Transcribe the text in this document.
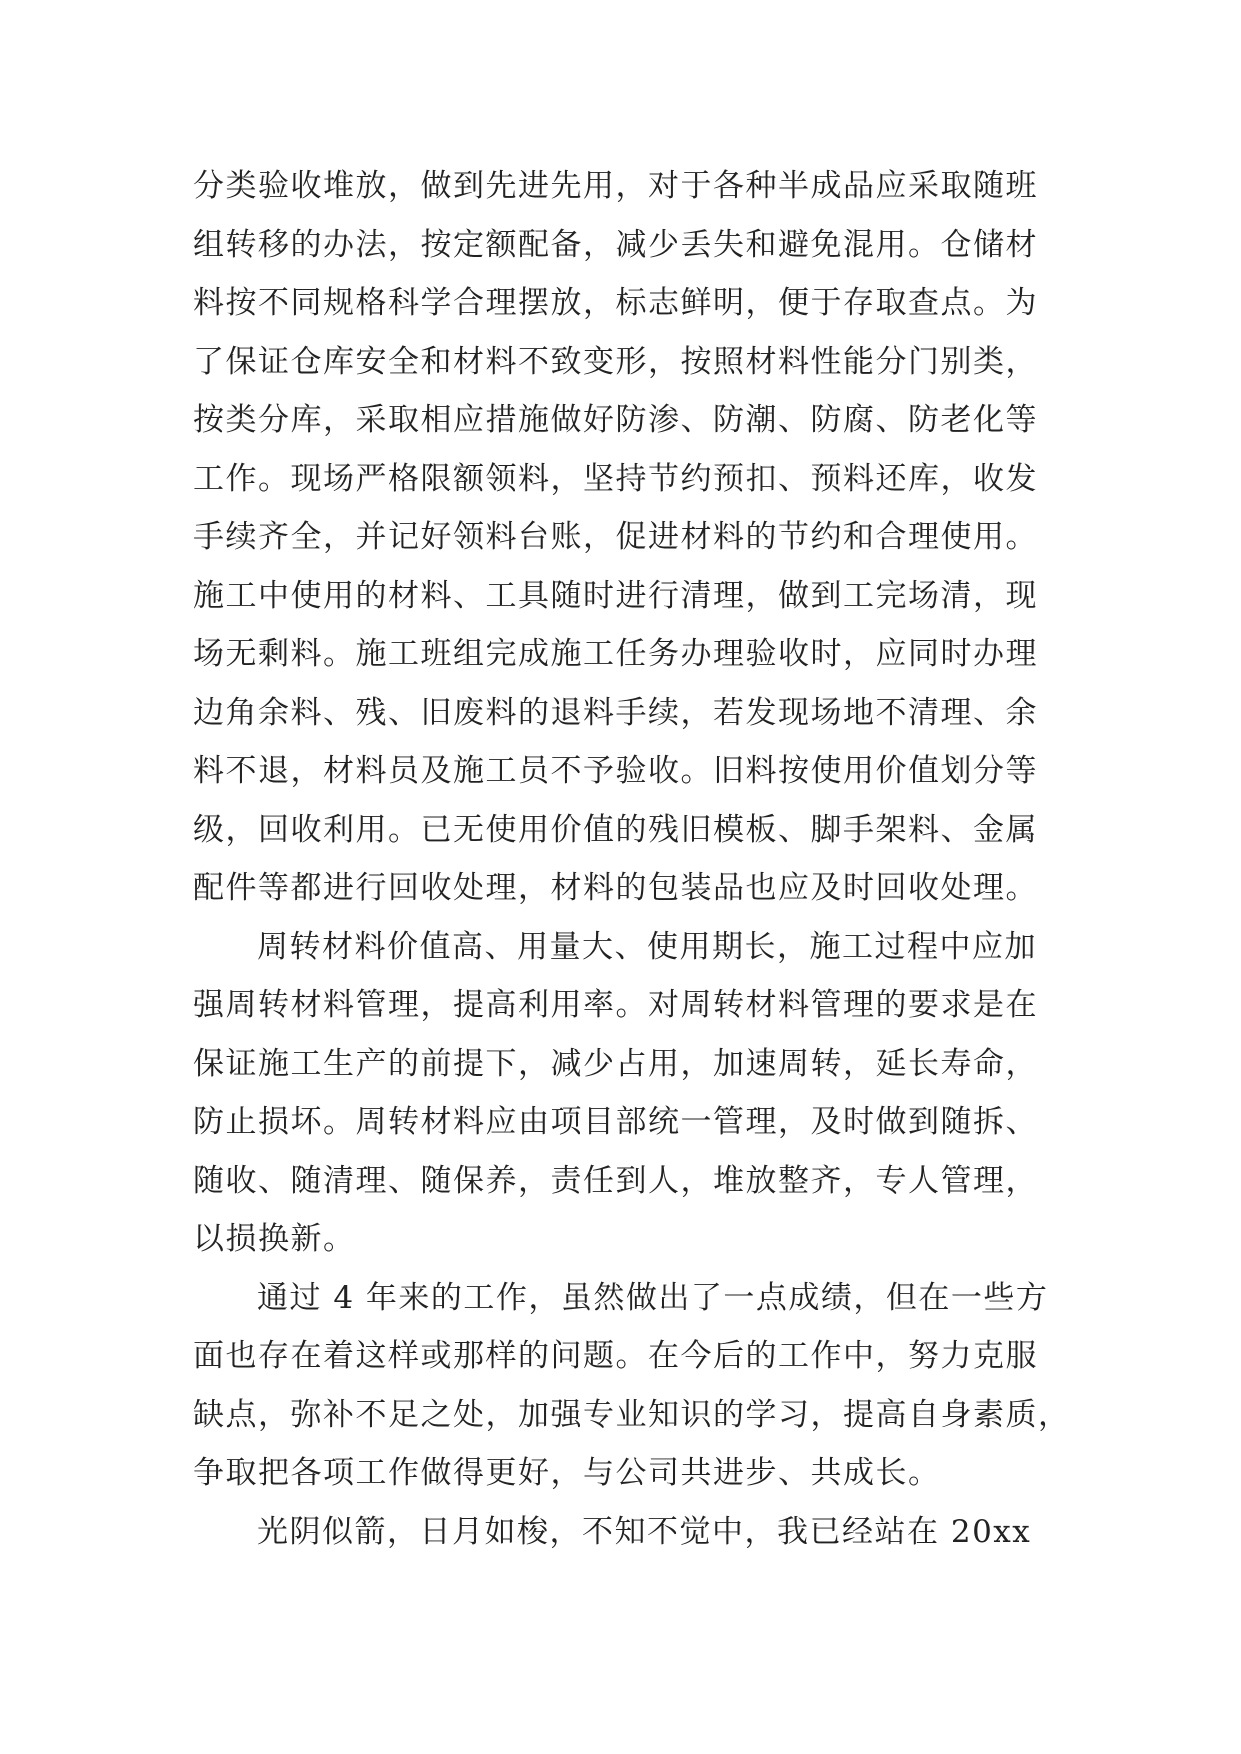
分类验收堆放，做到先进先用，对于各种半成品应采取随班
组转移的办法，按定额配备，减少丢失和避免混用。仓储材
料按不同规格科学合理摆放，标志鲜明，便于存取查点。为
了保证仓库安全和材料不致变形，按照材料性能分门别类，
按类分库，采取相应措施做好防渗、防潮、防腐、防老化等
工作。现场严格限额领料，坚持节约预扣、预料还库，收发
手续齐全，并记好领料台账，促进材料的节约和合理使用。
施工中使用的材料、工具随时进行清理，做到工完场清，现
场无剩料。施工班组完成施工任务办理验收时，应同时办理
边角余料、残、旧废料的退料手续，若发现场地不清理、余
料不退，材料员及施工员不予验收。旧料按使用价值划分等
级，回收利用。已无使用价值的残旧模板、脚手架料、金属
配件等都进行回收处理，材料的包装品也应及时回收处理。
周转材料价值高、用量大、使用期长，施工过程中应加
强周转材料管理，提高利用率。对周转材料管理的要求是在
保证施工生产的前提下，减少占用，加速周转，延长寿命，
防止损坏。周转材料应由项目部统一管理，及时做到随拆、
随收、随清理、随保养，责任到人，堆放整齐，专人管理，
以损换新。
通过 4 年来的工作，虽然做出了一点成绩，但在一些方
面也存在着这样或那样的问题。在今后的工作中，努力克服
缺点，弥补不足之处，加强专业知识的学习，提高自身素质，
争取把各项工作做得更好，与公司共进步、共成长。
光阴似箭，日月如梭，不知不觉中，我已经站在 20xx
